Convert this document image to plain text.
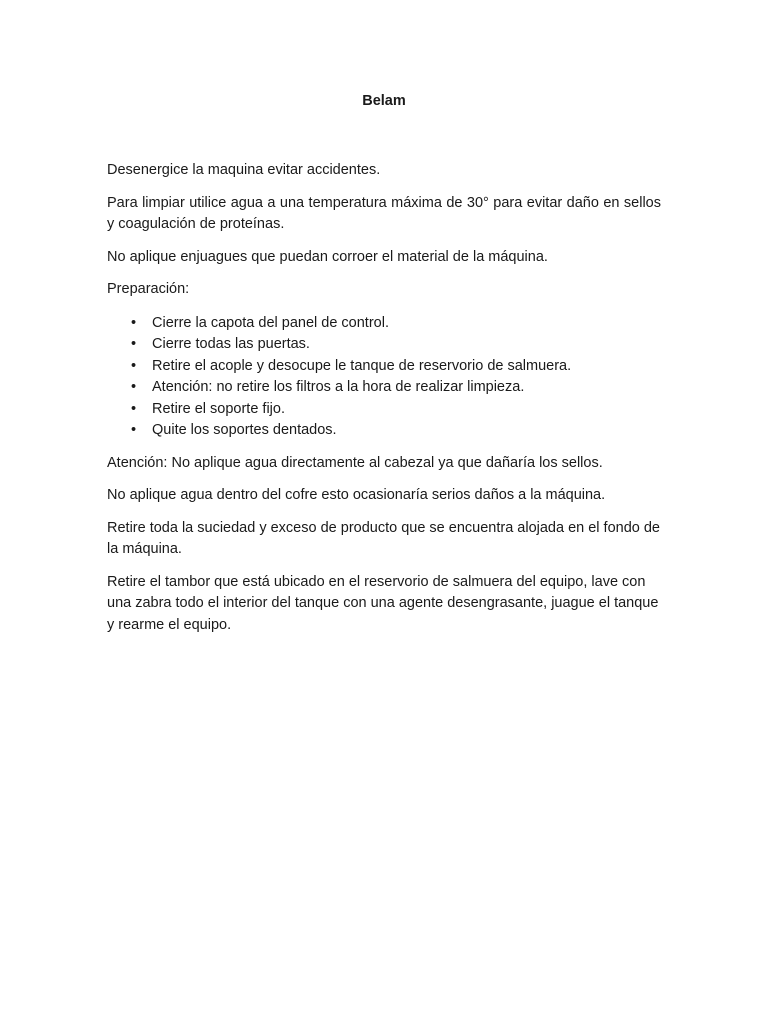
Belam

Desenergice la maquina evitar accidentes.

Para limpiar utilice agua a una temperatura máxima de 30° para evitar daño en sellos y coagulación de proteínas.

No aplique enjuagues que puedan corroer el material de la máquina.

Preparación:

• Cierre la capota del panel de control.
• Cierre todas las puertas.
• Retire el acople y desocupe le tanque de reservorio de salmuera.
• Atención: no retire los filtros a la hora de realizar limpieza.
• Retire el soporte fijo.
• Quite los soportes dentados.

Atención: No aplique agua directamente al cabezal ya que dañaría los sellos.

No aplique agua dentro del cofre esto ocasionaría serios daños a la máquina.

Retire toda la suciedad y exceso de producto que se encuentra alojada en el fondo de la máquina.

Retire el tambor que está ubicado en el reservorio de salmuera del equipo, lave con una zabra todo el interior del tanque con una agente desengrasante, juague el tanque y rearme el equipo.
